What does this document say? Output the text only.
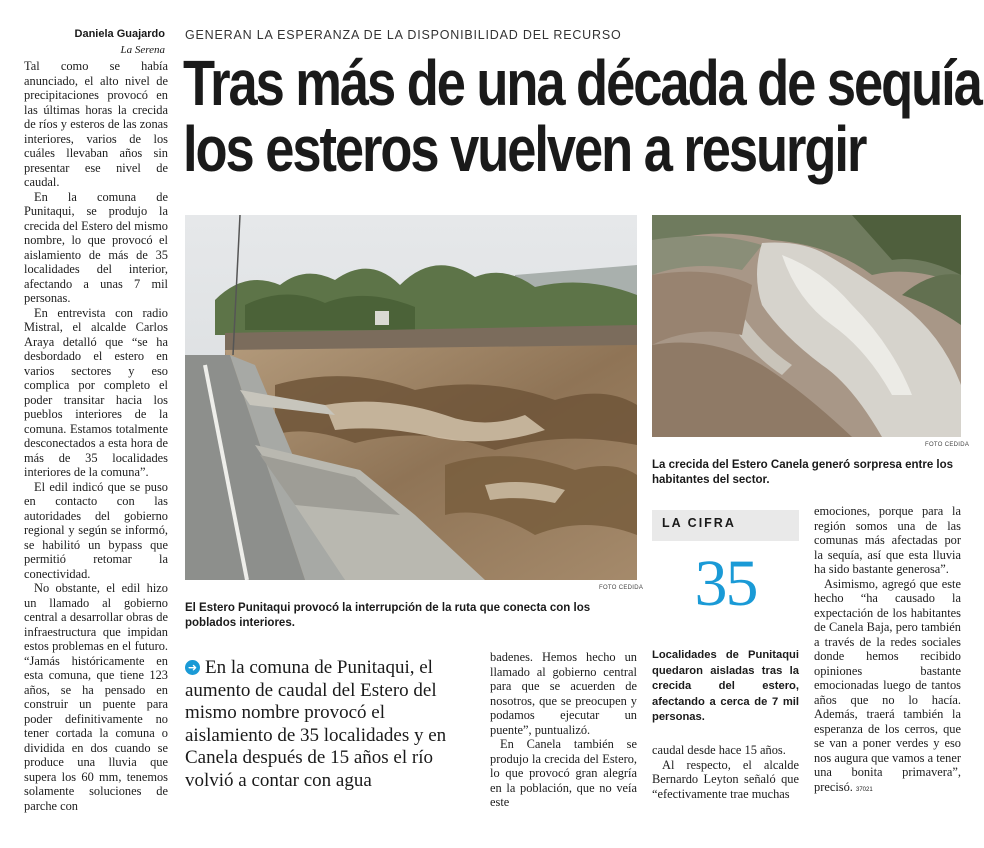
Daniela Guajardo
La Serena

Tal como se había anunciado, el alto nivel de precipitaciones provocó en las últimas horas la crecida de ríos y esteros de las zonas interiores, varios de los cuáles llevaban años sin presentar ese nivel de caudal.

En la comuna de Punitaqui, se produjo la crecida del Estero del mismo nombre, lo que provocó el aislamiento de más de 35 localidades del interior, afectando a unas 7 mil personas.

En entrevista con radio Mistral, el alcalde Carlos Araya detalló que “se ha desbordado el estero en varios sectores y eso complica por completo el poder transitar hacia los pueblos interiores de la comuna. Estamos totalmente desconectados a esta hora de más de 35 localidades interiores de la comuna”.

El edil indicó que se puso en contacto con las autoridades del gobierno regional y según se informó, se habilitó un bypass que permitió retomar la conectividad.

No obstante, el edil hizo un llamado al gobierno central a desarrollar obras de infraestructura que impidan estos problemas en el futuro. “Jamás históricamente en esta comuna, que tiene 123 años, se ha pensado en construir un puente para poder definitivamente no tener cortada la comuna o dividida en dos cuando se produce una lluvia que supera los 60 mm, tenemos solamente soluciones de parche con

GENERAN LA ESPERANZA DE LA DISPONIBILIDAD DEL RECURSO
Tras más de una década de sequía
los esteros vuelven a resurgir
FOTO CEDIDA
El Estero Punitaqui provocó la interrupción de la ruta que conecta con los poblados interiores.
FOTO CEDIDA
La crecida del Estero Canela generó sorpresa entre los habitantes del sector.
➜ En la comuna de Punitaqui, el aumento de caudal del Estero del mismo nombre provocó el aislamiento de 35 localidades y en Canela después de 15 años el río volvió a contar con agua

badenes. Hemos hecho un llamado al gobierno central para que se acuerden de nosotros, que se preocupen y podamos ejecutar un puente”, puntualizó.

En Canela también se produjo la crecida del Estero, lo que provocó gran alegría en la población, que no veía este

LA CIFRA
35
Localidades de Punitaqui quedaron aisladas tras la crecida del estero, afectando a cerca de 7 mil personas.

caudal desde hace 15 años.

Al respecto, el alcalde Bernardo Leyton señaló que “efectivamente trae muchas

emociones, porque para la región somos una de las comunas más afectadas por la sequía, así que esta lluvia ha sido bastante generosa”.

Asimismo, agregó que este hecho “ha causado la expectación de los habitantes de Canela Baja, pero también a través de la redes sociales donde hemos recibido opiniones bastante emocionadas luego de tantos años que no lo hacía. Además, traerá también la esperanza de los cerros, que se van a poner verdes y eso nos augura que vamos a tener una bonita primavera”, precisó. 37021
